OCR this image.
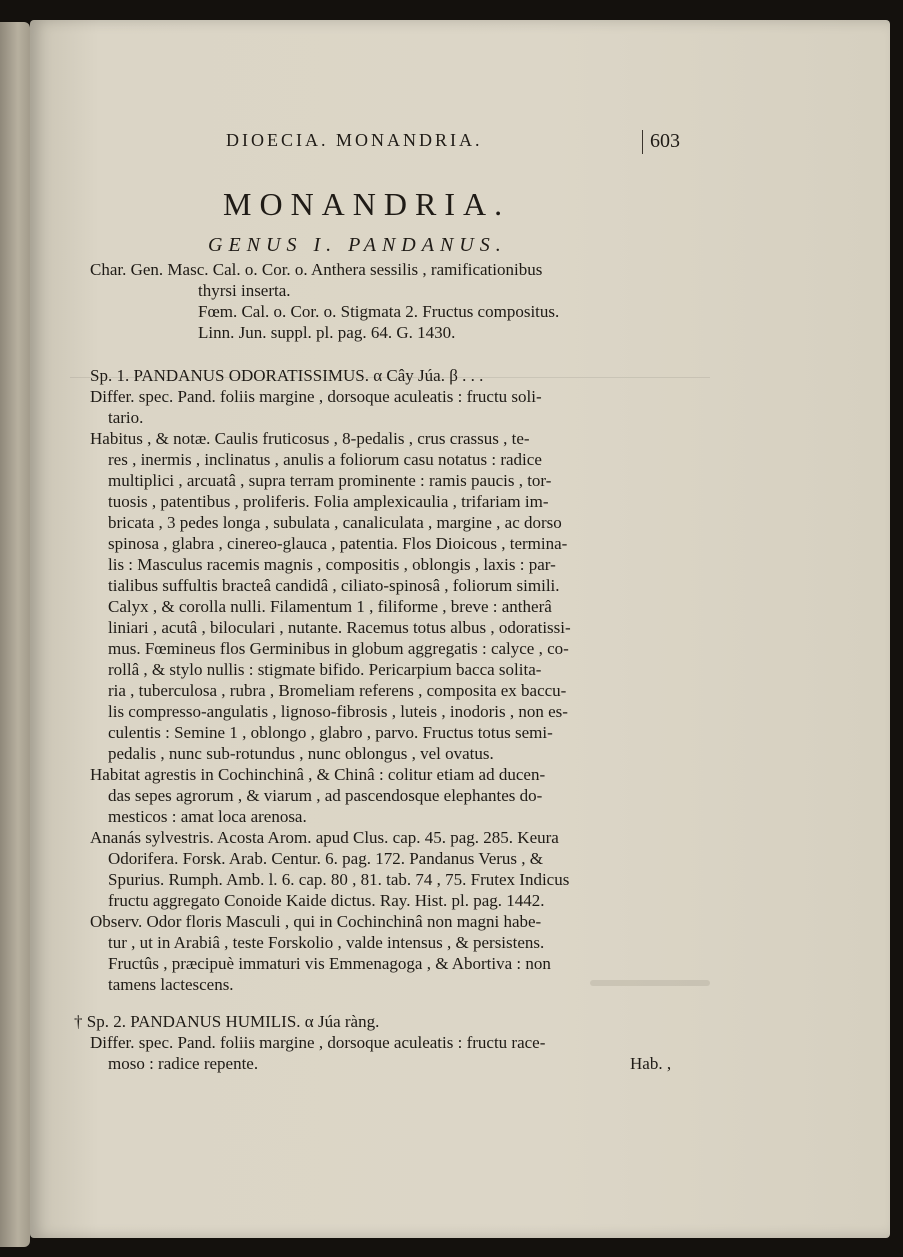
DIOECIA. MONANDRIA.	603
MONANDRIA.
GENUS I. PANDANUS.
Char. Gen. Masc. Cal. o. Cor. o. Anthera sessilis , ramificationibus
thyrsi inserta.
Fœm. Cal. o. Cor. o. Stigmata 2. Fructus compositus.
Linn. Jun. suppl. pl. pag. 64. G. 1430.
Sp. 1. PANDANUS ODORATISSIMUS. α Cây Júa. β . . .
Differ. spec. Pand. foliis margine , dorsoque aculeatis : fructu soli-
tario.
Habitus , & notæ. Caulis fruticosus , 8-pedalis , crus crassus , te-
res , inermis , inclinatus , anulis a foliorum casu notatus : radice
multiplici , arcuatâ , supra terram prominente : ramis paucis , tor-
tuosis , patentibus , proliferis. Folia amplexicaulia , trifariam im-
bricata , 3 pedes longa , subulata , canaliculata , margine , ac dorso
spinosa , glabra , cinereo-glauca , patentia. Flos Dioicous , termina-
lis : Masculus racemis magnis , compositis , oblongis , laxis : par-
tialibus suffultis bracteâ candidâ , ciliato-spinosâ , foliorum simili.
Calyx , & corolla nulli. Filamentum 1 , filiforme , breve : antherâ
liniari , acutâ , biloculari , nutante. Racemus totus albus , odoratissi-
mus. Fœmineus flos Germinibus in globum aggregatis : calyce , co-
rollâ , & stylo nullis : stigmate bifido. Pericarpium bacca solita-
ria , tuberculosa , rubra , Bromeliam referens , composita ex baccu-
lis compresso-angulatis , lignoso-fibrosis , luteis , inodoris , non es-
culentis : Semine 1 , oblongo , glabro , parvo. Fructus totus semi-
pedalis , nunc sub-rotundus , nunc oblongus , vel ovatus.
Habitat agrestis in Cochinchinâ , & Chinâ : colitur etiam ad ducen-
das sepes agrorum , & viarum , ad pascendosque elephantes do-
mesticos : amat loca arenosa.
Ananás sylvestris. Acosta Arom. apud Clus. cap. 45. pag. 285. Keura
Odorifera. Forsk. Arab. Centur. 6. pag. 172. Pandanus Verus , &
Spurius. Rumph. Amb. l. 6. cap. 80 , 81. tab. 74 , 75. Frutex Indicus
fructu aggregato Conoide Kaide dictus. Ray. Hist. pl. pag. 1442.
Observ. Odor floris Masculi , qui in Cochinchinâ non magni habe-
tur , ut in Arabiâ , teste Forskolio , valde intensus , & persistens.
Fructûs , præcipuè immaturi vis Emmenagoga , & Abortiva : non
tamens lactescens.
† Sp. 2. PANDANUS HUMILIS. α Júa ràng.
Differ. spec. Pand. foliis margine , dorsoque aculeatis : fructu race-
moso : radice repente.	Hab. ,
